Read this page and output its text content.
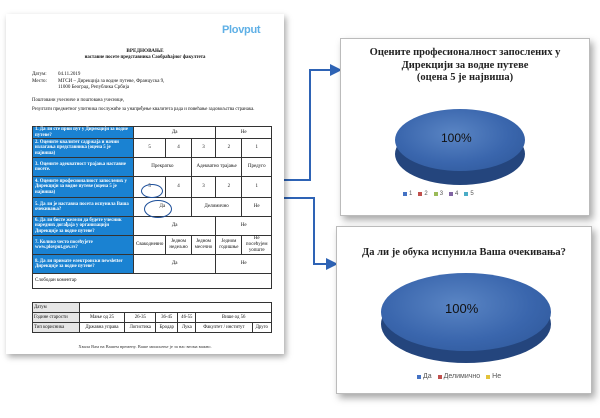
Plovput
ВРЕДНОВАЊЕ
наставне посете представника Саобраћајног факултета
Датум: 04.11.2019
Место: МГСИ – Дирекција за водне путеве, Француска 9,
11000 Београд, Република Србија
Поштовани учесниче и поштована учеснице,
Резултати предметног упитника послужиће за унапређење квалитета рада и повећање задовољства странака.
1. Да ли сте први пут у Дирекцији за водне путеве?	Да			Не	
2. Оцените квалитет садржаја и начин излагања представника (оцена 5 је највиша)	5	4	3	2	1
3. Оцените адекватност трајања наставне посете.	Прекратко		Адекватно трајање		Предуго
4. Оцените професионалност запослених у Дирекцији за водне путеве (оцена 5 је највиша)	5	4	3	2	1
5. Да ли је наставна посета испунила Ваша очекивања?	Да		Делимично		Не
6. Да ли бисте желели да будете учесник наредних догађаја у организацији Дирекције за водне путеве?	Да			Не	
7. Колико често посећујете www.plovput.gov.rs?	Свакодневно	Једном недељно	Једном месечно	Једном годишње	Не посећујем уопште
8. Да ли примате електронски newsletter Дирекције за водне путеве?	Да			Не	
Слободан коментар					
Датум						
Године старости	Мање од 25	26-35	36-45	46-55	Више од 56	
Тип корисника	Државна управа	Логистика	Бродар	Лука	Факултет / институт	Друго
Хвала Вам на Вашем времену. Ваше мишљење је за нас веома важно.
Оцените професионалност запослених у
Дирекцији за водне путеве
(оцена 5 је највиша)
100%
1 2 3 4 5
Да ли је обука испунила Ваша очекивања?
100%
Да Делимично Не
